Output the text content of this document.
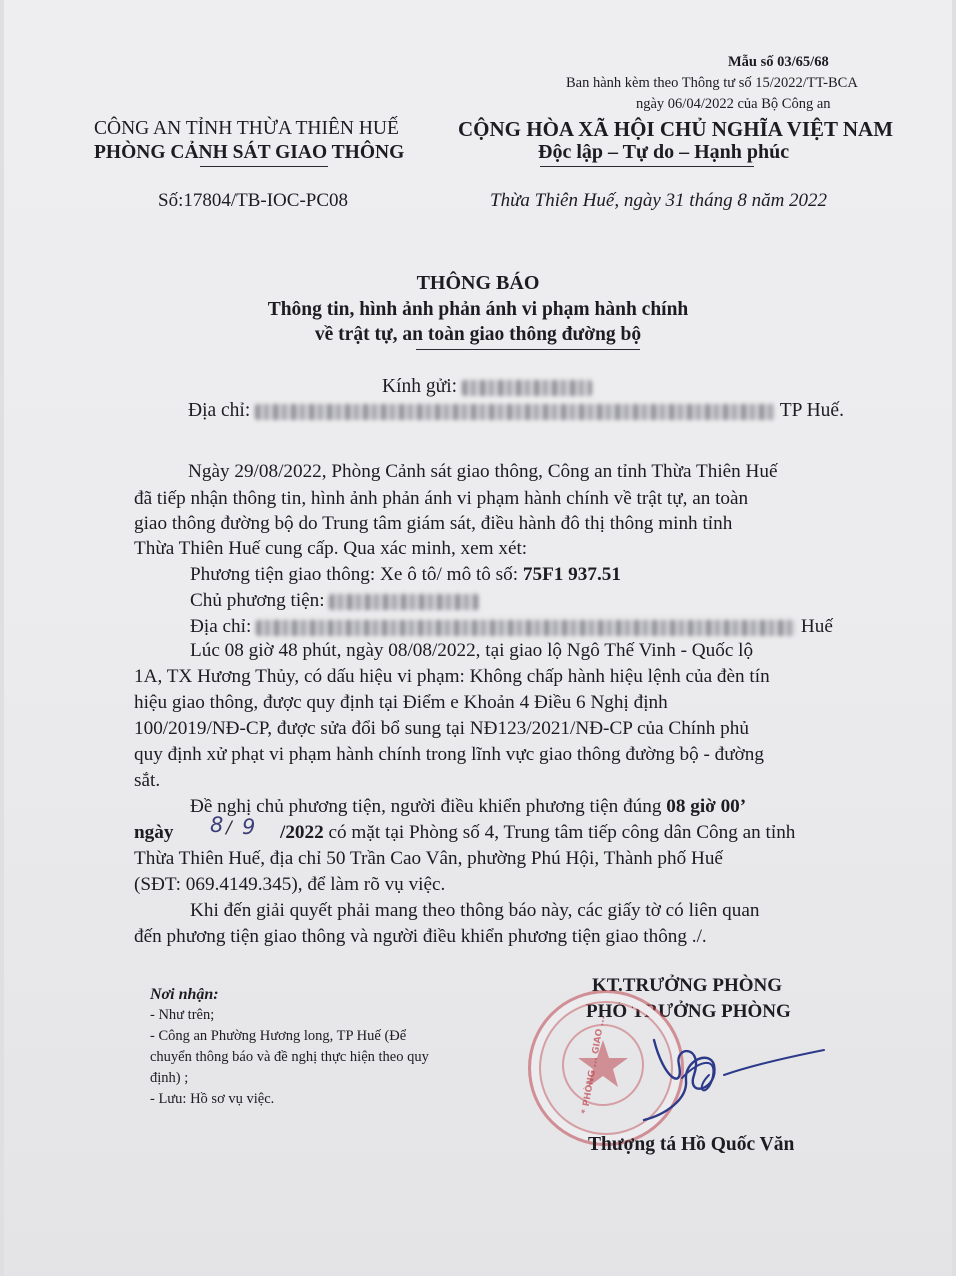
Mẫu số 03/65/68
Ban hành kèm theo Thông tư số 15/2022/TT-BCA
ngày 06/04/2022 của Bộ Công an
CÔNG AN TỈNH THỪA THIÊN HUẾ
PHÒNG CẢNH SÁT GIAO THÔNG
Số:17804/TB-IOC-PC08
CỘNG HÒA XÃ HỘI CHỦ NGHĨA VIỆT NAM
Độc lập – Tự do – Hạnh phúc
Thừa Thiên Huế, ngày 31 tháng 8 năm 2022
THÔNG BÁO
Thông tin, hình ảnh phản ánh vi phạm hành chính
về trật tự, an toàn giao thông đường bộ
Kính gửi:
Địa chỉ:	TP Huế.
Ngày 29/08/2022, Phòng Cảnh sát giao thông, Công an tỉnh Thừa Thiên Huế
đã tiếp nhận thông tin, hình ảnh phản ánh vi phạm hành chính về trật tự, an toàn
giao thông đường bộ do Trung tâm giám sát, điều hành đô thị thông minh tỉnh
Thừa Thiên Huế cung cấp. Qua xác minh, xem xét:
Phương tiện giao thông: Xe ô tô/ mô tô số: 75F1 937.51
Chủ phương tiện:
Địa chỉ:	Huế
Lúc 08 giờ 48 phút, ngày 08/08/2022, tại giao lộ Ngô Thế Vinh - Quốc lộ
1A, TX Hương Thủy, có dấu hiệu vi phạm: Không chấp hành hiệu lệnh của đèn tín
hiệu giao thông, được quy định tại Điểm e Khoản 4 Điều 6 Nghị định
100/2019/NĐ-CP, được sửa đổi bổ sung tại NĐ123/2021/NĐ-CP của Chính phủ
quy định xử phạt vi phạm hành chính trong lĩnh vực giao thông đường bộ - đường
sắt.
Đề nghị chủ phương tiện, người điều khiển phương tiện đúng 08 giờ 00’
ngày 8 / 9 /2022 có mặt tại Phòng số 4, Trung tâm tiếp công dân Công an tỉnh
Thừa Thiên Huế, địa chỉ 50 Trần Cao Vân, phường Phú Hội, Thành phố Huế
(SĐT: 069.4149.345), để làm rõ vụ việc.
Khi đến giải quyết phải mang theo thông báo này, các giấy tờ có liên quan
đến phương tiện giao thông và người điều khiển phương tiện giao thông ./.
Nơi nhận:
- Như trên;
- Công an Phường Hương long, TP Huế (Để
chuyển thông báo và đề nghị thực hiện theo quy
định) ;
- Lưu: Hồ sơ vụ việc.
KT.TRƯỞNG PHÒNG
PHÓ TRƯỞNG PHÒNG
* PHÒNG ... GIAO ...
Thượng tá Hồ Quốc Văn
